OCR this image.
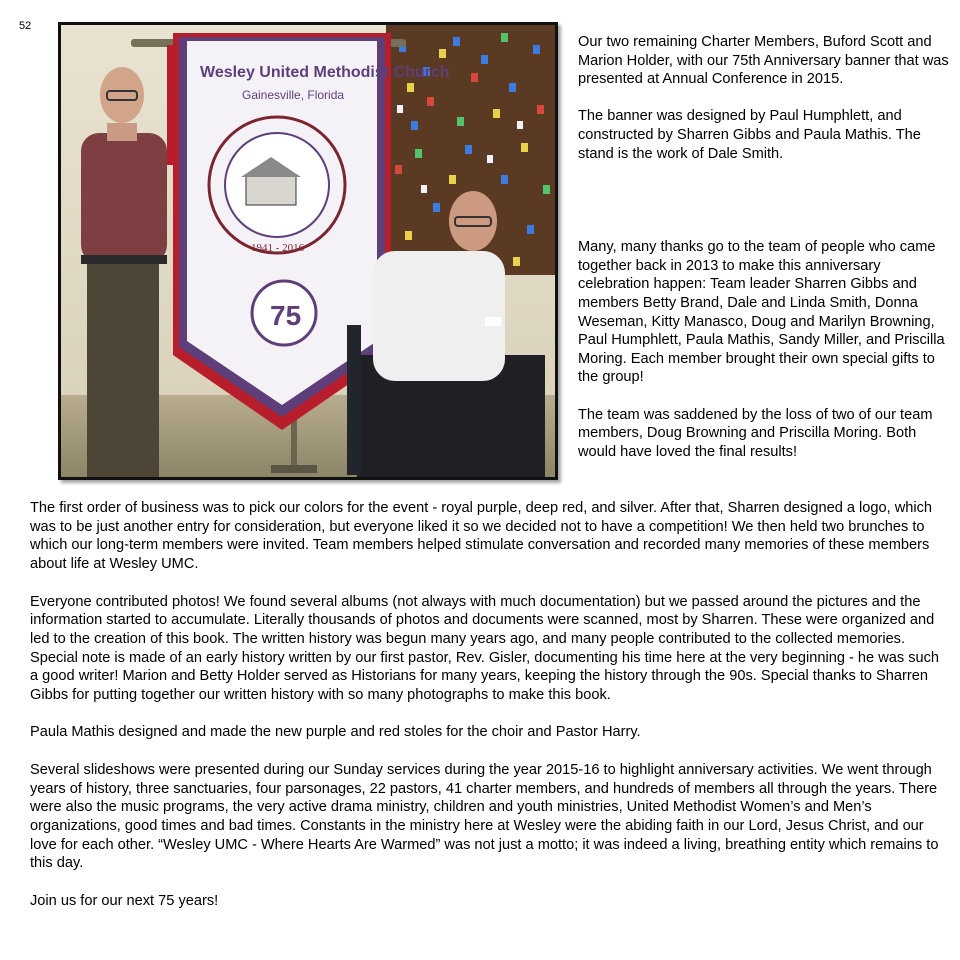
52
Wesley United Methodist Church
Gainesville, Florida
1941 - 2016
75

Our two remaining Charter Members, Buford Scott and Marion Holder, with our 75th Anniversary banner that was presented at Annual Conference in 2015.

The banner was designed by Paul Humphlett, and constructed by Sharren Gibbs and Paula Mathis. The stand is the work of Dale Smith.

Many, many thanks go to the team of people who came together back in 2013 to make this anniversary celebration happen: Team leader Sharren Gibbs and members Betty Brand, Dale and Linda Smith, Donna Weseman, Kitty Manasco, Doug and Marilyn Browning, Paul Humphlett, Paula Mathis, Sandy Miller, and Priscilla Moring. Each member brought their own special gifts to the group!

The team was saddened by the loss of two of our team members, Doug Browning and Priscilla Moring. Both would have loved the final results!

The first order of business was to pick our colors for the event - royal purple, deep red, and silver. After that, Sharren designed a logo, which was to be just another entry for consideration, but everyone liked it so we decided not to have a competition! We then held two brunches to which our long-term members were invited. Team members helped stimulate conversation and recorded many memories of these members about life at Wesley UMC.

Everyone contributed photos! We found several albums (not always with much documentation) but we passed around the pictures and the information started to accumulate. Literally thousands of photos and documents were scanned, most by Sharren. These were organized and led to the creation of this book. The written history was begun many years ago, and many people contributed to the collected memories. Special note is made of an early history written by our first pastor, Rev. Gisler, documenting his time here at the very beginning - he was such a good writer! Marion and Betty Holder served as Historians for many years, keeping the history through the 90s. Special thanks to Sharren Gibbs for putting together our written history with so many photographs to make this book.

Paula Mathis designed and made the new purple and red stoles for the choir and Pastor Harry.

Several slideshows were presented during our Sunday services during the year 2015-16 to highlight anniversary activities. We went through years of history, three sanctuaries, four parsonages, 22 pastors, 41 charter members, and hundreds of members all through the years. There were also the music programs, the very active drama ministry, children and youth ministries, United Methodist Women’s and Men’s organizations, good times and bad times. Constants in the ministry here at Wesley were the abiding faith in our Lord, Jesus Christ, and our love for each other. “Wesley UMC - Where Hearts Are Warmed” was not just a motto; it was indeed a living, breathing entity which remains to this day.

Join us for our next 75 years!
